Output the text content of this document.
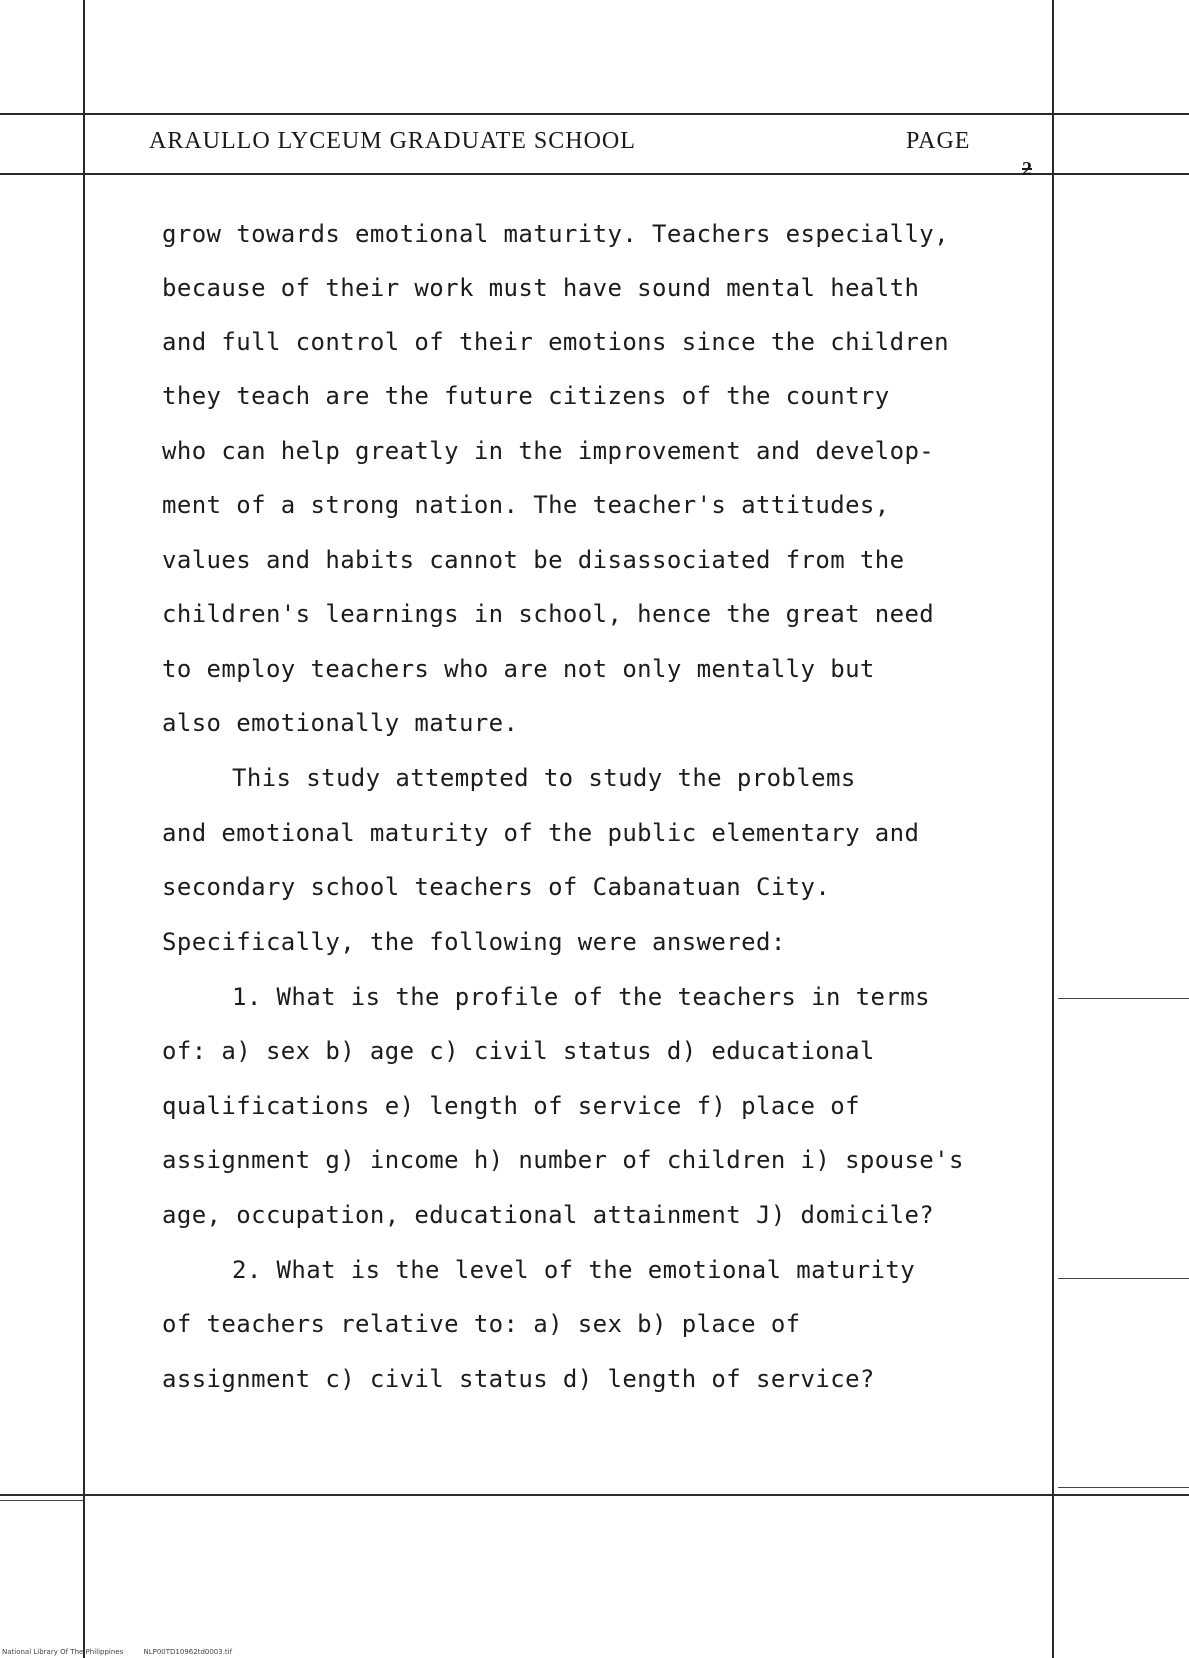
ARAULLO LYCEUM GRADUATE SCHOOL	PAGE
2
grow towards emotional maturity. Teachers especially,
because of their work must have sound mental health
and full control of their emotions since the children
they teach are the future citizens of the country
who can help greatly in the improvement and develop-
ment of a strong nation. The teacher's attitudes,
values and habits cannot be disassociated from the
children's learnings in school, hence the great need
to employ teachers who are not only mentally but
also emotionally mature.
This study attempted to study the problems
and emotional maturity of the public elementary and
secondary school teachers of Cabanatuan City.
Specifically, the following were answered:
1. What is the profile of the teachers in terms
of: a) sex b) age c) civil status d) educational
qualifications e) length of service f) place of
assignment g) income h) number of children i) spouse's
age, occupation, educational attainment J) domicile?
2. What is the level of the emotional maturity
of teachers relative to: a) sex b) place of
assignment c) civil status d) length of service?
National Library Of The Philippines	NLP00TD10962td0003.tif
